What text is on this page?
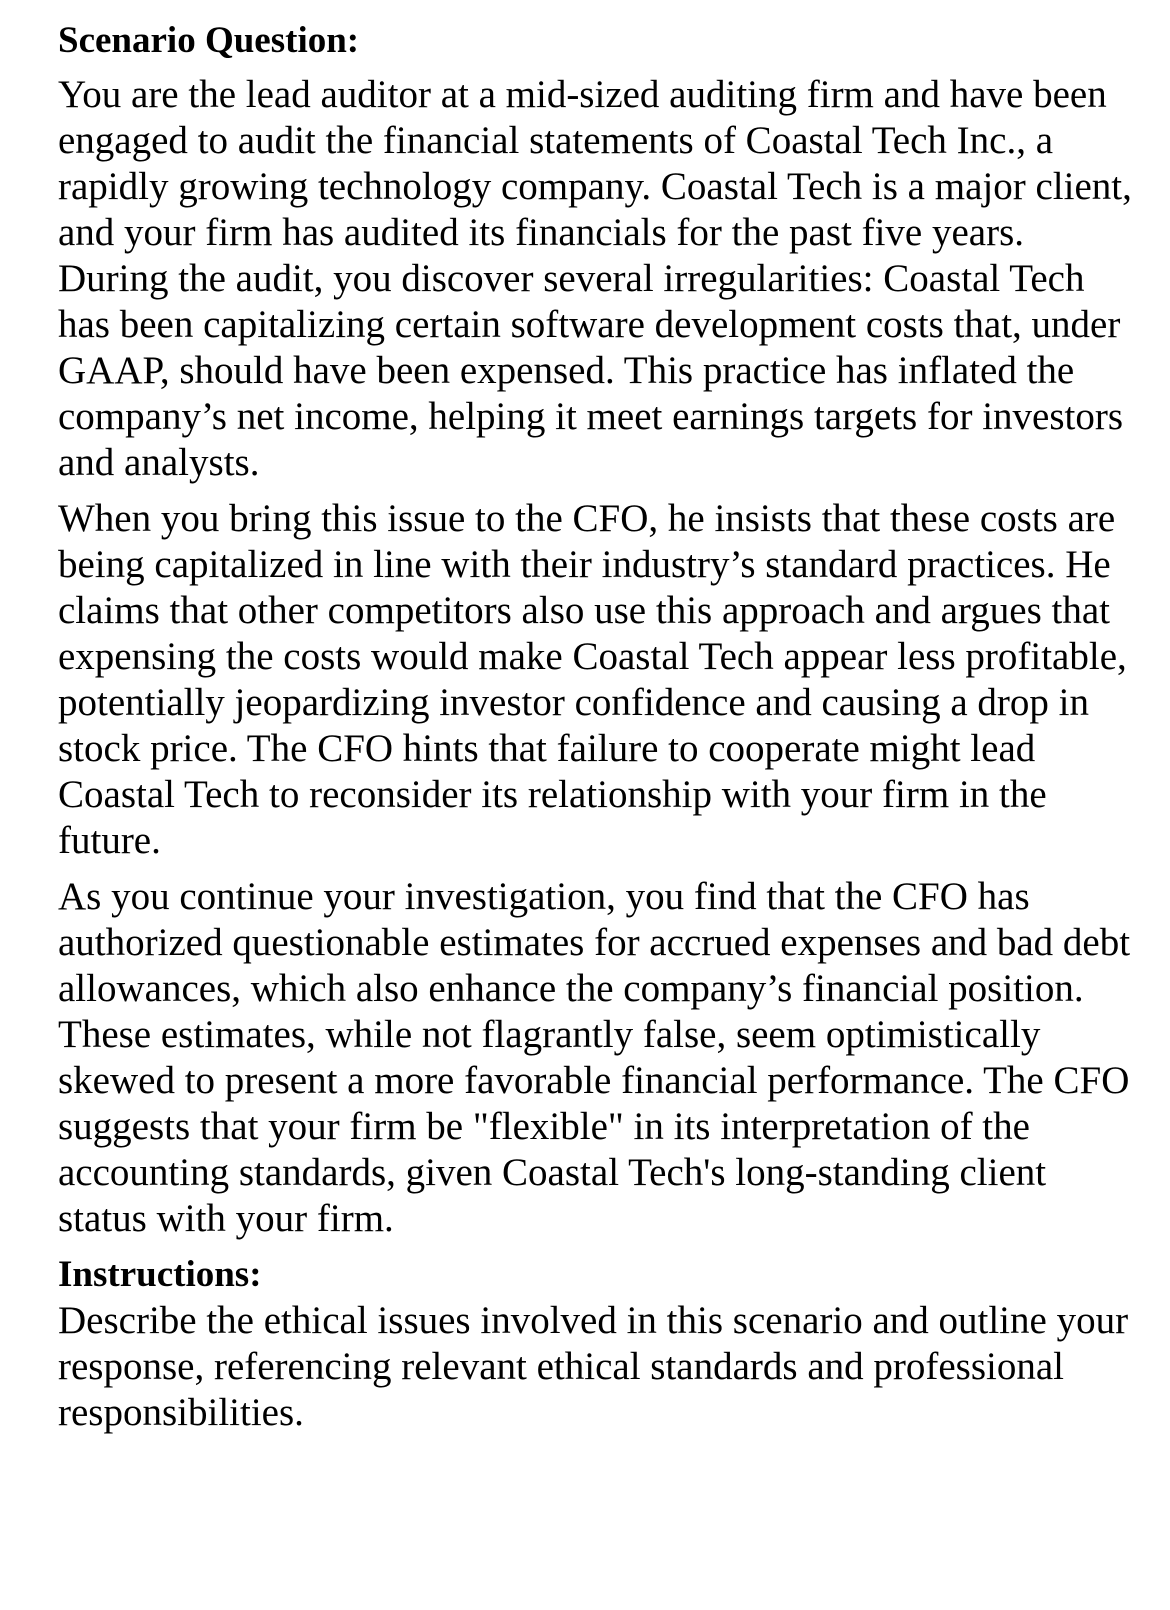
Scenario Question:

You are the lead auditor at a mid-sized auditing firm and have been engaged to audit the financial statements of Coastal Tech Inc., a rapidly growing technology company. Coastal Tech is a major client, and your firm has audited its financials for the past five years. During the audit, you discover several irregularities: Coastal Tech has been capitalizing certain software development costs that, under GAAP, should have been expensed. This practice has inflated the company’s net income, helping it meet earnings targets for investors and analysts.

When you bring this issue to the CFO, he insists that these costs are being capitalized in line with their industry’s standard practices. He claims that other competitors also use this approach and argues that expensing the costs would make Coastal Tech appear less profitable, potentially jeopardizing investor confidence and causing a drop in stock price. The CFO hints that failure to cooperate might lead Coastal Tech to reconsider its relationship with your firm in the future.

As you continue your investigation, you find that the CFO has authorized questionable estimates for accrued expenses and bad debt allowances, which also enhance the company’s financial position. These estimates, while not flagrantly false, seem optimistically skewed to present a more favorable financial performance. The CFO suggests that your firm be "flexible" in its interpretation of the accounting standards, given Coastal Tech's long-standing client status with your firm.

Instructions:

Describe the ethical issues involved in this scenario and outline your response, referencing relevant ethical standards and professional responsibilities.
